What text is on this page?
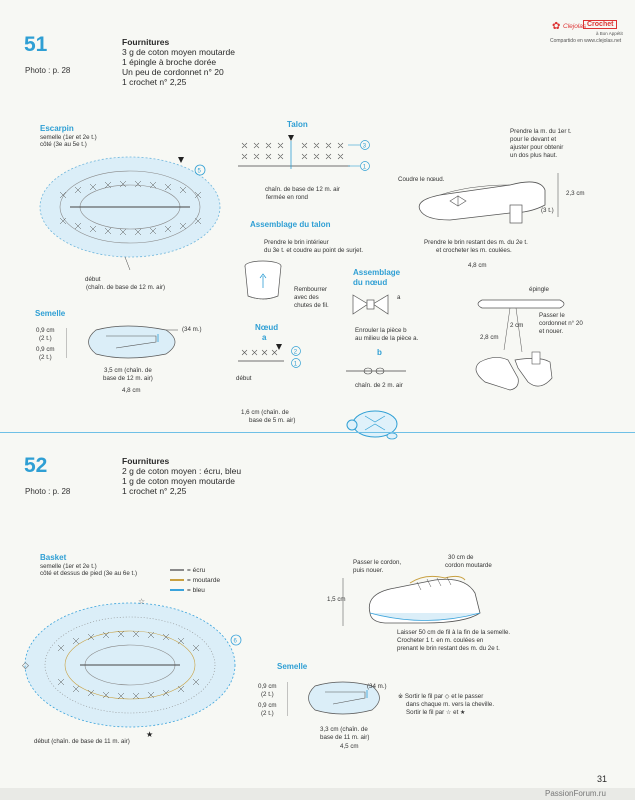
✿ Clejolas Crochet
à Bon Appétit
Compartido en www.clejolas.net
51
Photo : p. 28
Fournitures
3 g de coton moyen moutarde
1 épingle à broche dorée
Un peu de cordonnet n° 20
1 crochet n° 2,25
Escarpin
semelle (1er et 2e t.)
côté (3e au 5e t.)
5
début
(chaîn. de base de 12 m. air)
Talon
3
1
chaîn. de base de 12 m. air
fermée en rond
Assemblage du talon
Prendre le brin intérieur
du 3e t. et coudre au point de surjet.
Rembourrer
avec des
chutes de fil.
Assemblage
du nœud
a
Enrouler la pièce b
au milieu de la pièce a.
Nœud
a
2
1
début
1,6 cm (chaîn. de
base de 5 m. air)
b
chaîn. de 2 m. air
Semelle
0,9 cm
(2 t.)
0,9 cm
(2 t.)
(34 m.)
3,5 cm (chaîn. de
base de 12 m. air)
4,8 cm
Prendre la m. du 1er t.
pour le devant et
ajuster pour obtenir
un dos plus haut.
Coudre le nœud.
2,3 cm
(3 t.)
Prendre le brin restant des m. du 2e t.
et crocheter les m. coulées.
4,8 cm
épingle
Passer le
cordonnet n° 20
et nouer.
2 cm
2,8 cm
52
Photo : p. 28
Fournitures
2 g de coton moyen : écru, bleu
1 g de coton moyen moutarde
1 crochet n° 2,25
Basket
semelle (1er et 2e t.)
côté et dessus de pied (3e au 6e t.)	= écru
= moutarde
= bleu
◇
☆
★
6
début (chaîn. de base de 11 m. air)
Passer le cordon,
puis nouer.
30 cm de
cordon moutarde
1,5 cm
Laisser 50 cm de fil à la fin de la semelle.
Crocheter 1 t. en m. coulées en
prenant le brin restant des m. du 2e t.
Semelle
0,9 cm
(2 t.)
0,9 cm
(2 t.)
(34 m.)
3,3 cm (chaîn. de
base de 11 m. air)
4,5 cm
※ Sortir le fil par ◇ et le passer
dans chaque m. vers la cheville.
Sortir le fil par ☆ et ★
31
PassionForum.ru
